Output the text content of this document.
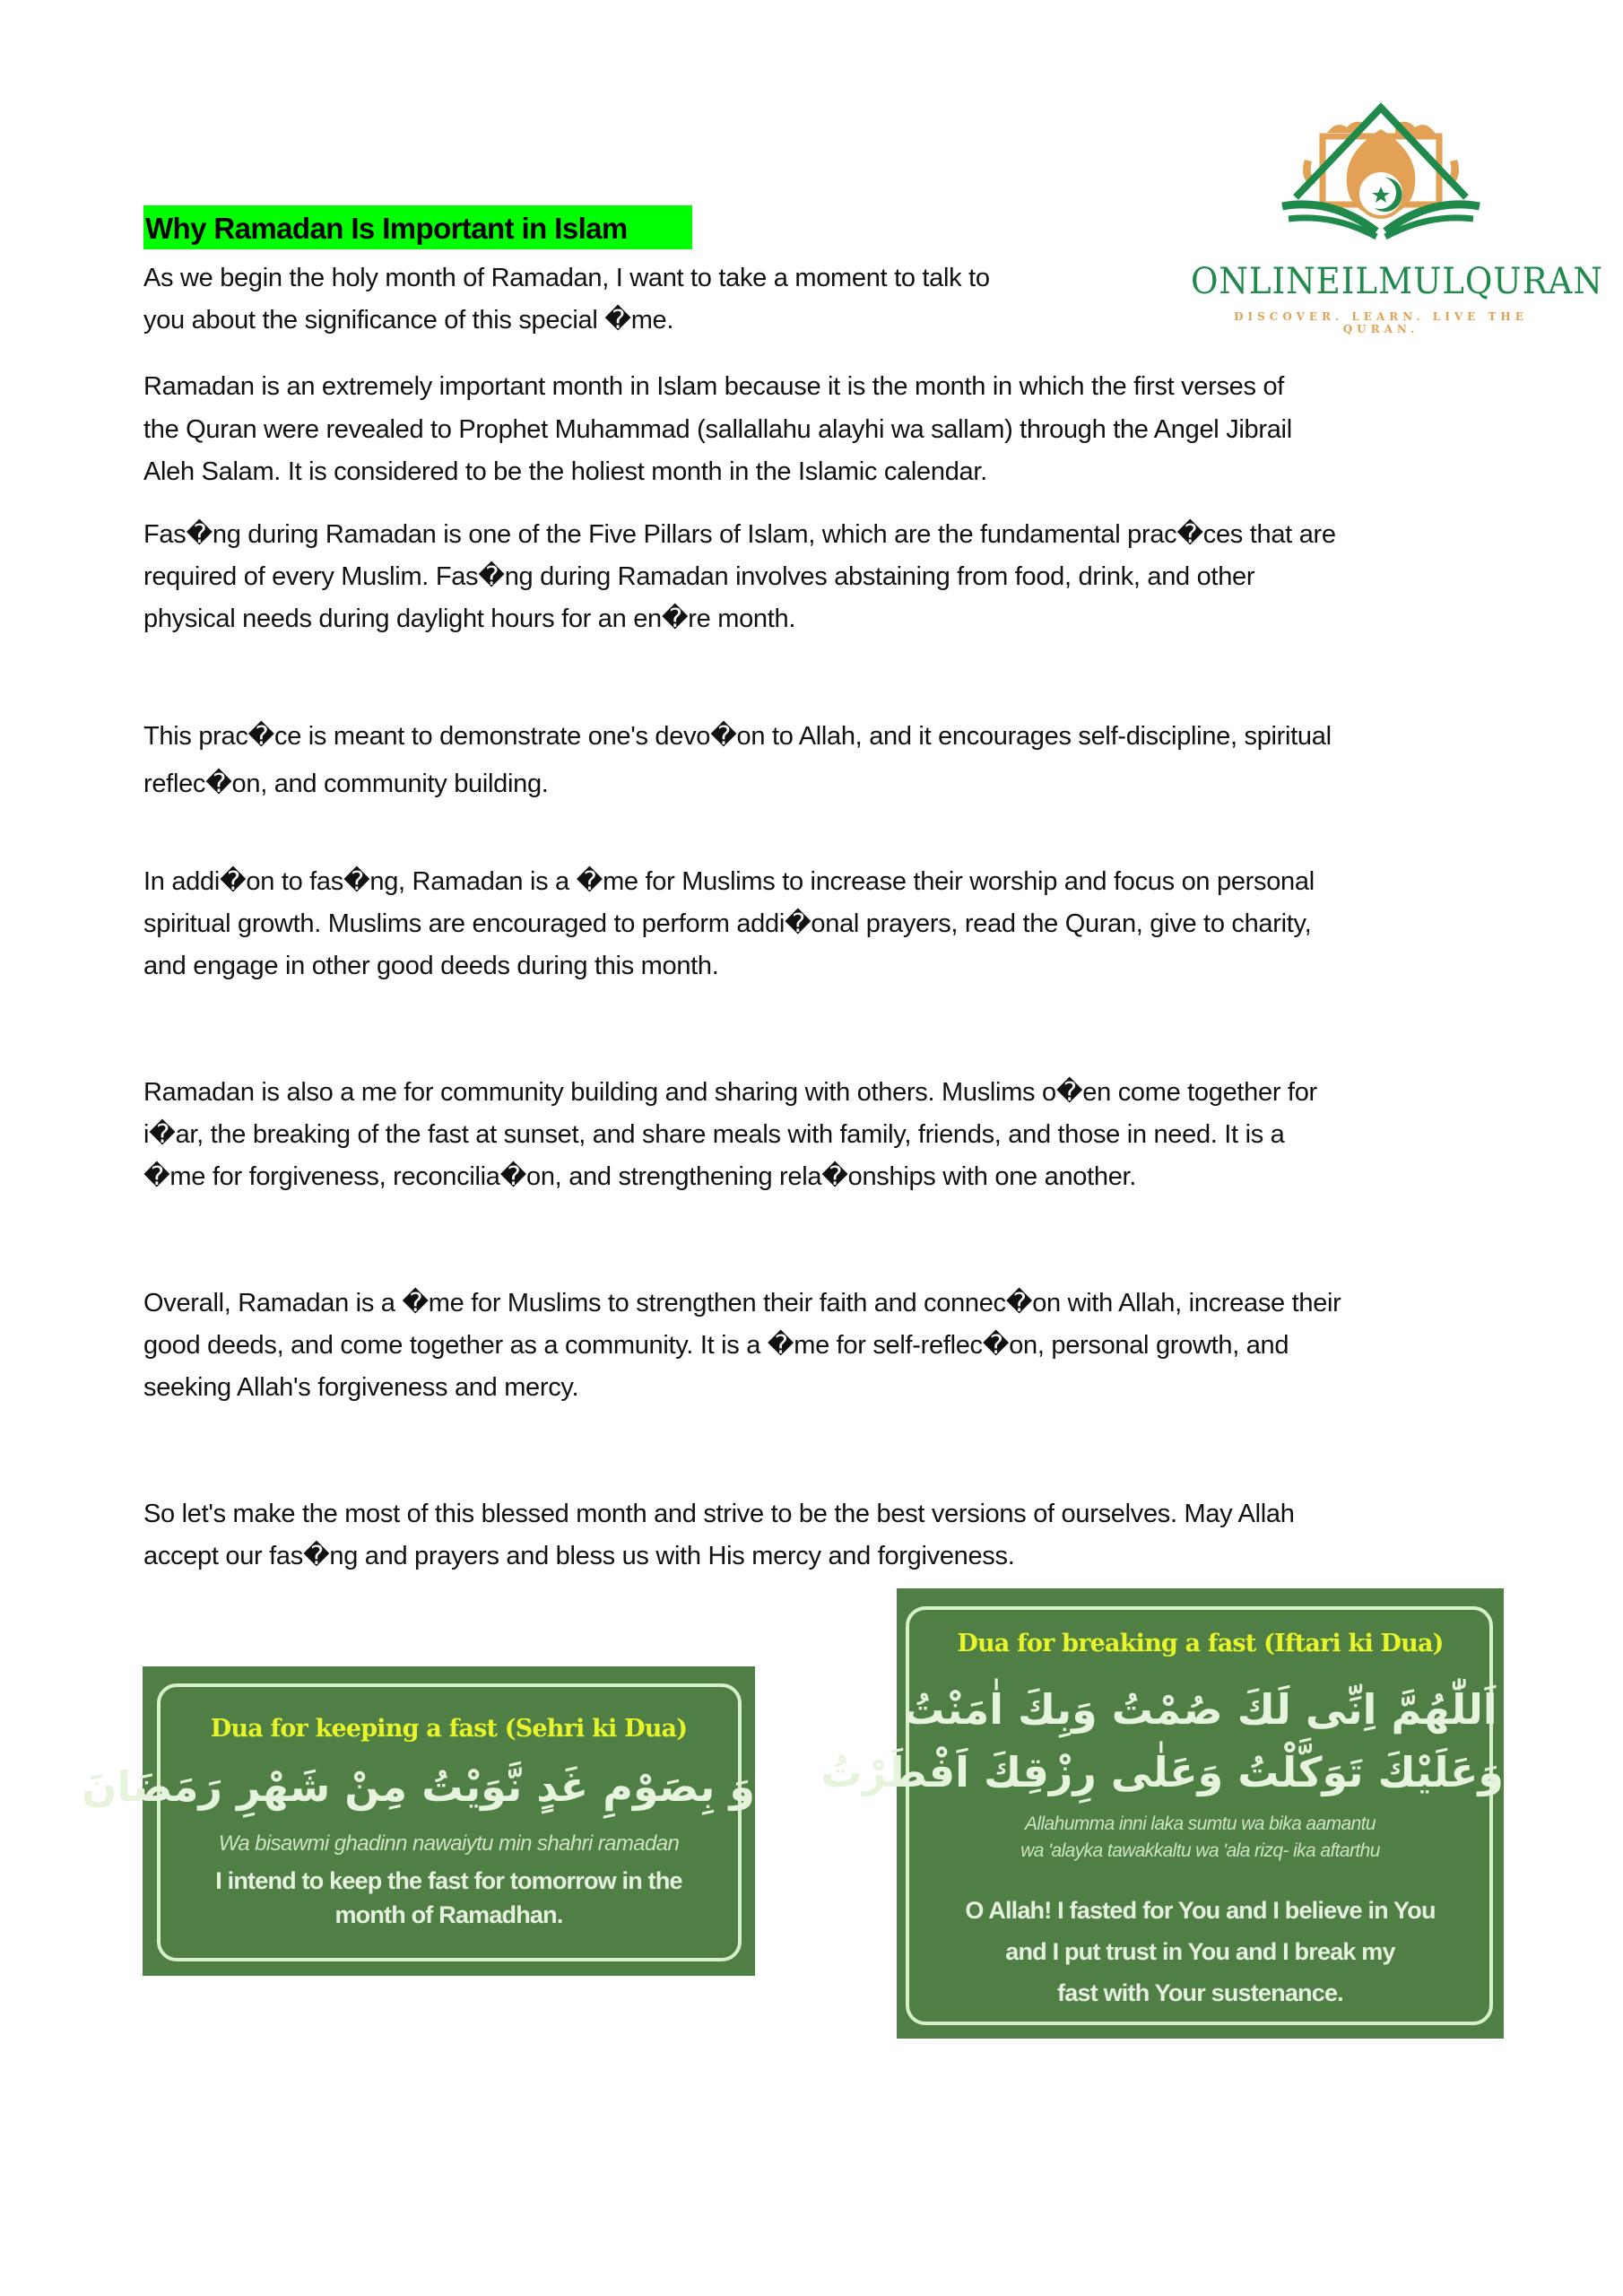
ONLINEILMULQURAN
DISCOVER. LEARN. LIVE THE QURAN.
Why Ramadan Is Important in Islam
As we begin the holy month of Ramadan, I want to take a moment to talk to
you about the significance of this special �me.
Ramadan is an extremely important month in Islam because it is the month in which the first verses of
the Quran were revealed to Prophet Muhammad (sallallahu alayhi wa sallam) through the Angel Jibrail
Aleh Salam. It is considered to be the holiest month in the Islamic calendar.
Fas�ng during Ramadan is one of the Five Pillars of Islam, which are the fundamental prac�ces that are
required of every Muslim. Fas�ng during Ramadan involves abstaining from food, drink, and other
physical needs during daylight hours for an en�re month.
This prac�ce is meant to demonstrate one's devo�on to Allah, and it encourages self-discipline, spiritual
reflec�on, and community building.
In addi�on to fas�ng, Ramadan is a �me for Muslims to increase their worship and focus on personal
spiritual growth. Muslims are encouraged to perform addi�onal prayers, read the Quran, give to charity,
and engage in other good deeds during this month.
Ramadan is also a me for community building and sharing with others. Muslims o�en come together for
i�ar, the breaking of the fast at sunset, and share meals with family, friends, and those in need. It is a
�me for forgiveness, reconcilia�on, and strengthening rela�onships with one another.
Overall, Ramadan is a �me for Muslims to strengthen their faith and connec�on with Allah, increase their
good deeds, and come together as a community. It is a �me for self-reflec�on, personal growth, and
seeking Allah's forgiveness and mercy.
So let's make the most of this blessed month and strive to be the best versions of ourselves. May Allah
accept our fas�ng and prayers and bless us with His mercy and forgiveness.
Dua for keeping a fast (Sehri ki Dua)
وَ بِصَوْمِ غَدٍ نَّوَيْتُ مِنْ شَهْرِ رَمَضَانَ
Wa bisawmi ghadinn nawaiytu min shahri ramadan
I intend to keep the fast for tomorrow in the
month of Ramadhan.
Dua for breaking a fast (Iftari ki Dua)
اَللّٰهُمَّ اِنِّى لَكَ صُمْتُ وَبِكَ اٰمَنْتُ
وَعَلَيْكَ تَوَكَّلْتُ وَعَلٰى رِزْقِكَ اَفْطَرْتُ
Allahumma inni laka sumtu wa bika aamantu
wa 'alayka tawakkaltu wa 'ala rizq- ika aftarthu
O Allah! I fasted for You and I believe in You
and I put trust in You and I break my
fast with Your sustenance.
